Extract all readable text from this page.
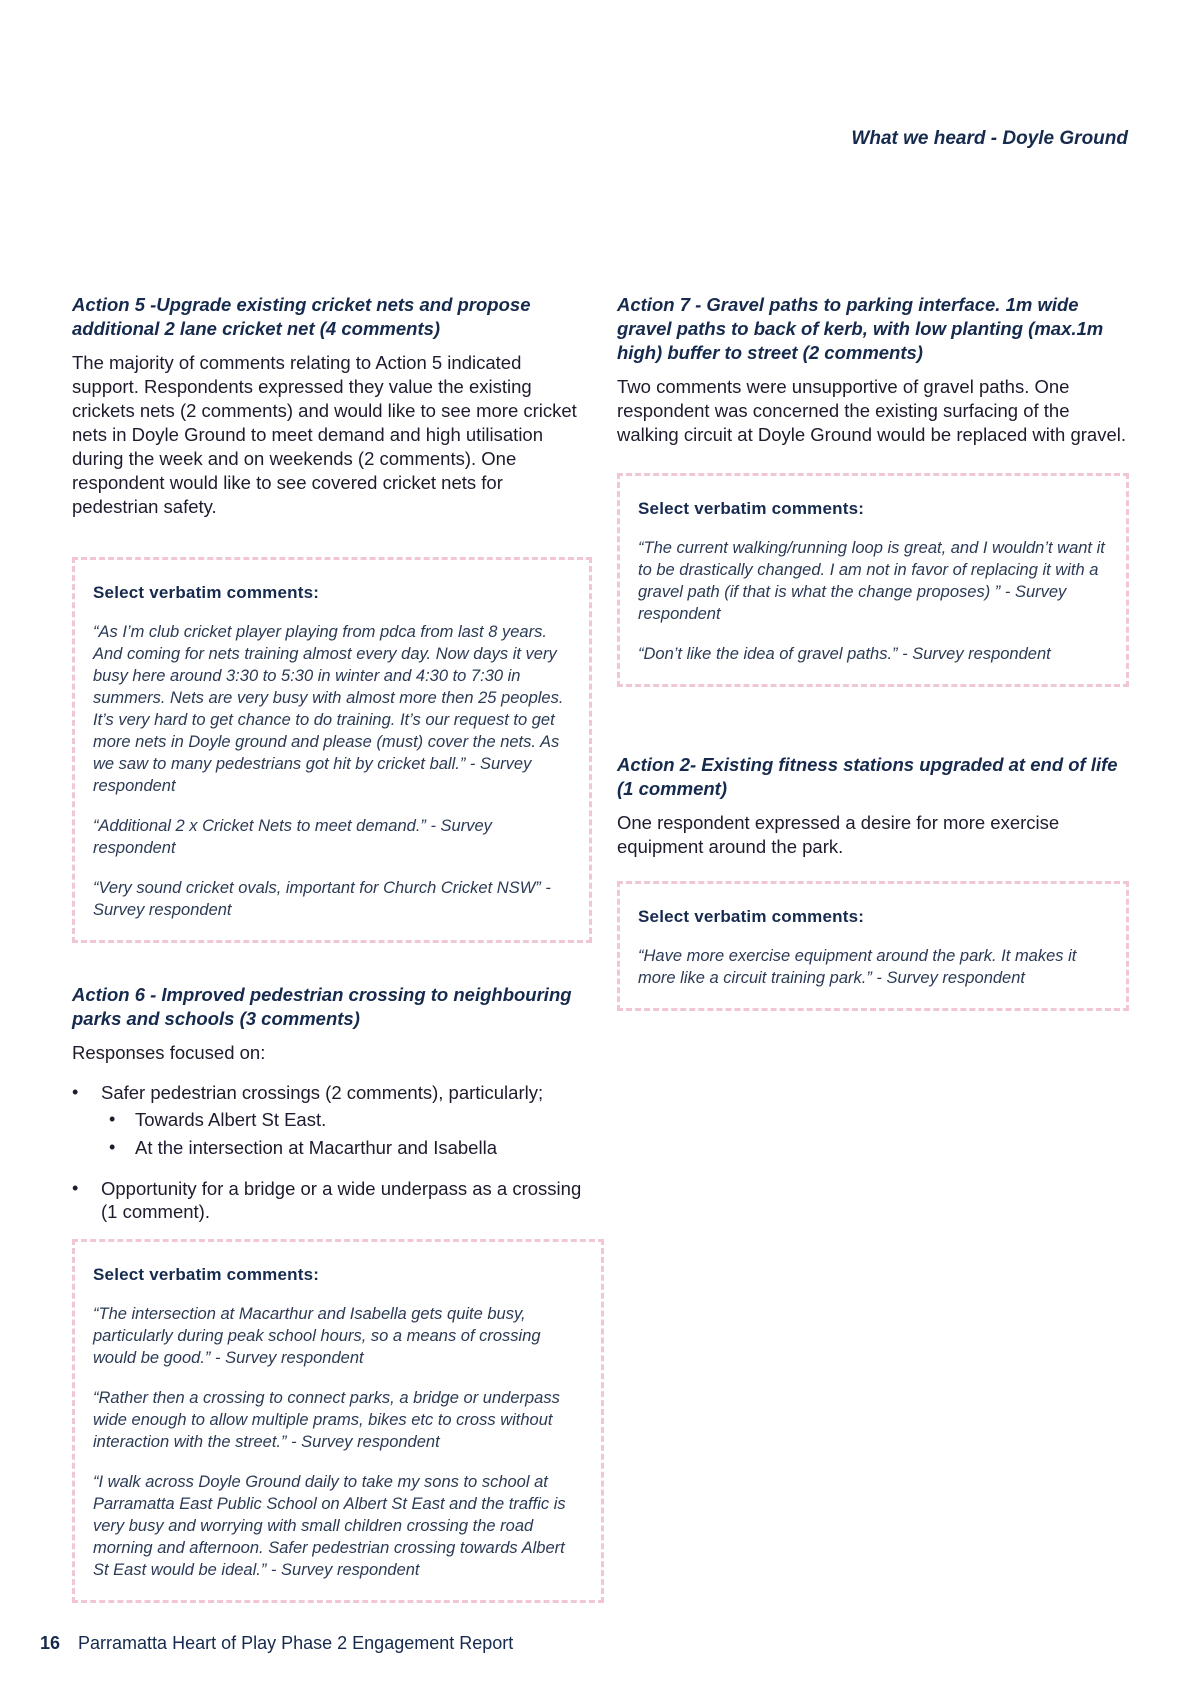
What we heard - Doyle Ground
Action 5 -Upgrade existing cricket nets and propose additional 2 lane cricket net (4 comments)

The majority of comments relating to Action 5 indicated support. Respondents expressed they value the existing crickets nets (2 comments) and would like to see more cricket nets in Doyle Ground to meet demand and high utilisation during the week and on weekends (2 comments). One respondent would like to see covered cricket nets for pedestrian safety.

Select verbatim comments:

“As I’m club cricket player playing from pdca from last 8 years. And coming for nets training almost every day. Now days it very busy here around 3:30 to 5:30 in winter and 4:30 to 7:30 in summers. Nets are very busy with almost more then 25 peoples. It’s very hard to get chance to do training. It’s our request to get more nets in Doyle ground and please (must) cover the nets. As we saw to many pedestrians got hit by cricket ball.” - Survey respondent

“Additional 2 x Cricket Nets to meet demand.” - Survey respondent

“Very sound cricket ovals, important for Church Cricket NSW” - Survey respondent

Action 6 - Improved pedestrian crossing to neighbouring parks and schools (3 comments)

Responses focused on:

• Safer pedestrian crossings (2 comments), particularly;
• Towards Albert St East.
• At the intersection at Macarthur and Isabella
• Opportunity for a bridge or a wide underpass as a crossing (1 comment).

Select verbatim comments:

“The intersection at Macarthur and Isabella gets quite busy, particularly during peak school hours, so a means of crossing would be good.” - Survey respondent

“Rather then a crossing to connect parks, a bridge or underpass wide enough to allow multiple prams, bikes etc to cross without interaction with the street.” - Survey respondent

“I walk across Doyle Ground daily to take my sons to school at Parramatta East Public School on Albert St East and the traffic is very busy and worrying with small children crossing the road morning and afternoon. Safer pedestrian crossing towards Albert St East would be ideal.” - Survey respondent

Action 7 - Gravel paths to parking interface. 1m wide gravel paths to back of kerb, with low planting (max.1m high) buffer to street (2 comments)

Two comments were unsupportive of gravel paths. One respondent was concerned the existing surfacing of the walking circuit at Doyle Ground would be replaced with gravel.

Select verbatim comments:

“The current walking/running loop is great, and I wouldn’t want it to be drastically changed. I am not in favor of replacing it with a gravel path (if that is what the change proposes) ” - Survey respondent

“Don’t like the idea of gravel paths.” - Survey respondent

Action 2- Existing fitness stations upgraded at end of life (1 comment)

One respondent expressed a desire for more exercise equipment around the park.

Select verbatim comments:

“Have more exercise equipment around the park. It makes it more like a circuit training park.” - Survey respondent

16 Parramatta Heart of Play Phase 2 Engagement Report
